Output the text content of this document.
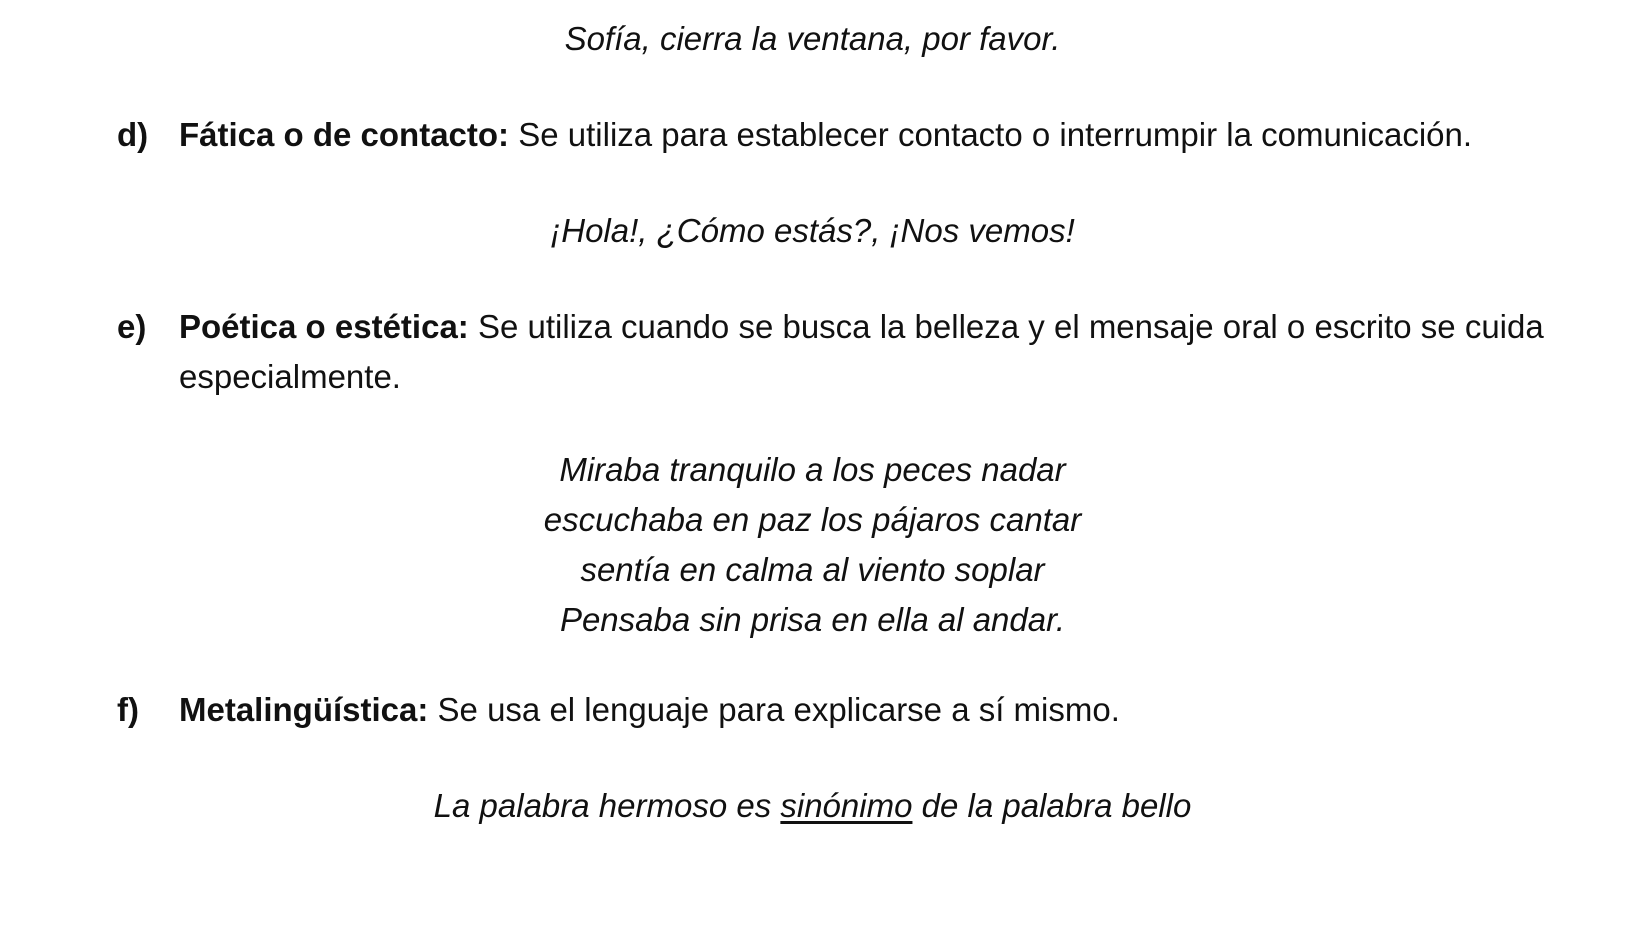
Sofía, cierra la ventana, por favor.
d) Fática o de contacto: Se utiliza para establecer contacto o interrumpir la comunicación.
¡Hola!, ¿Cómo estás?, ¡Nos vemos!
e) Poética o estética: Se utiliza cuando se busca la belleza y el mensaje oral o escrito se cuida especialmente.
Miraba tranquilo a los peces nadar
escuchaba en paz los pájaros cantar
sentía en calma al viento soplar
Pensaba sin prisa en ella al andar.
f) Metalingüística: Se usa el lenguaje para explicarse a sí mismo.
La palabra hermoso es sinónimo de la palabra bello
